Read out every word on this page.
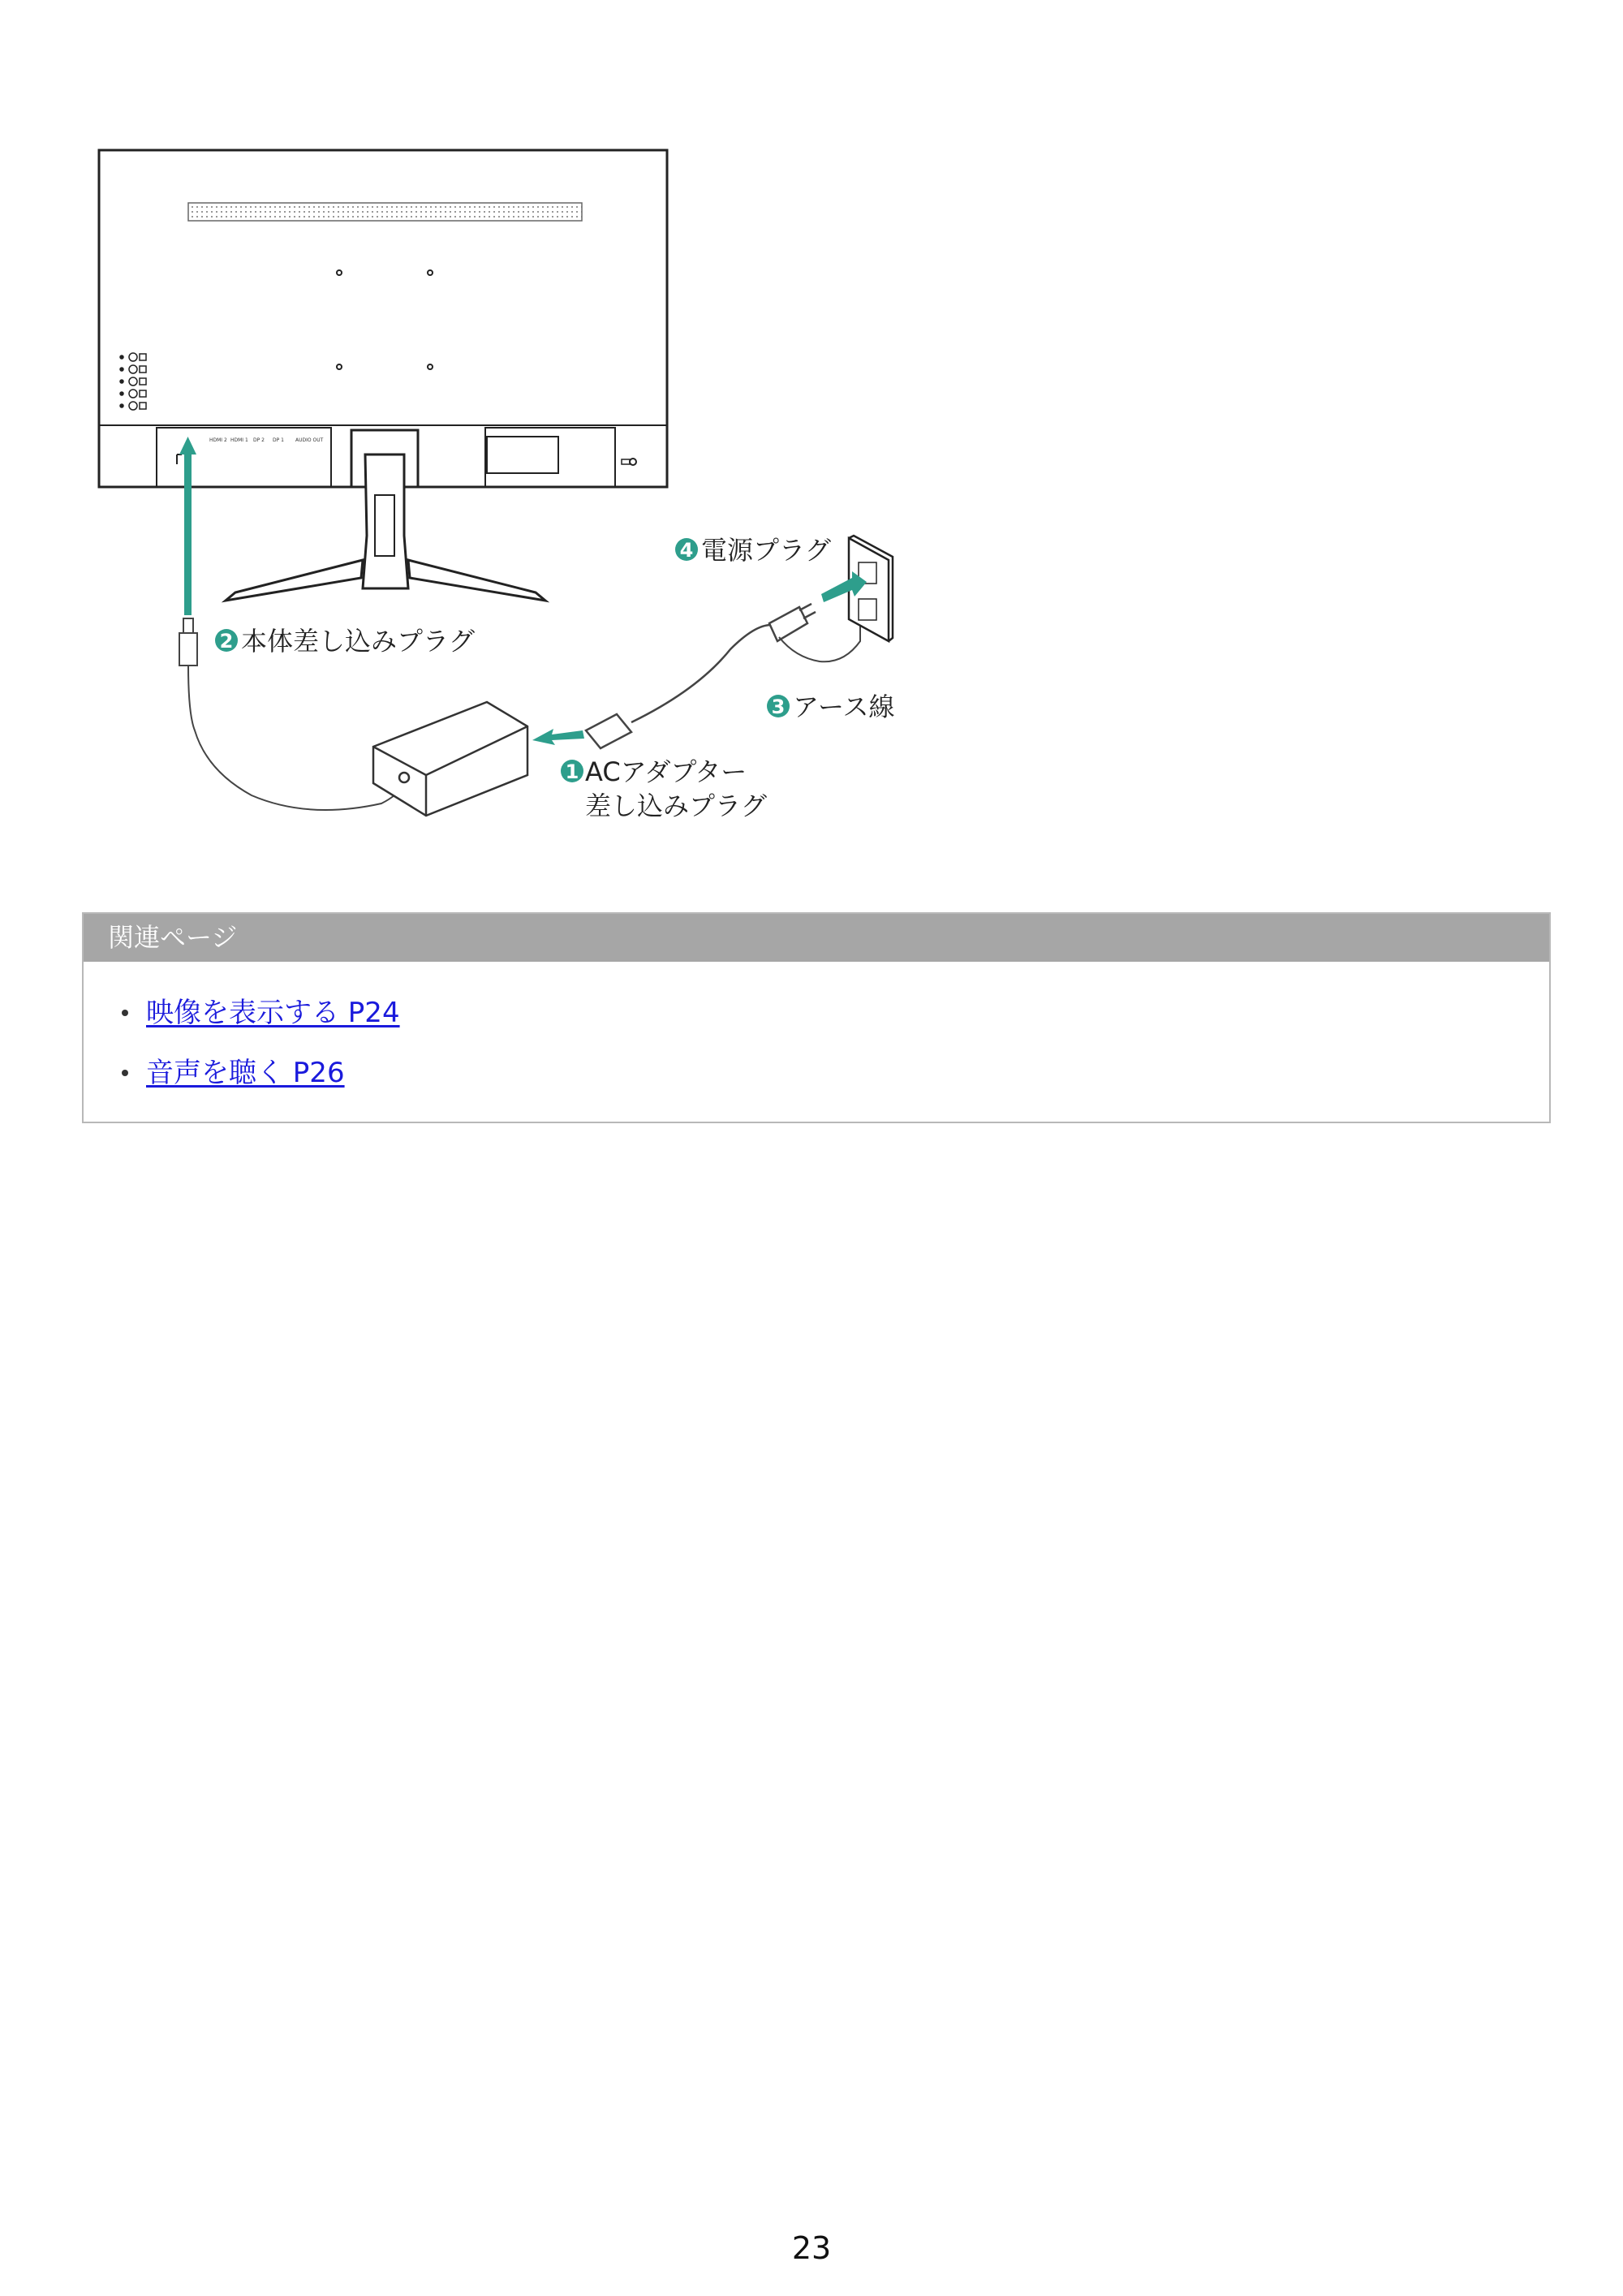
HDMI 2 HDMI 1 DP 2 DP 1 AUDIO OUT
4 電源プラグ
2 本体差し込みプラグ
3 アース線
1 ACアダプター
差し込みプラグ
関連ページ
映像を表示する P24
音声を聴く P26
23
